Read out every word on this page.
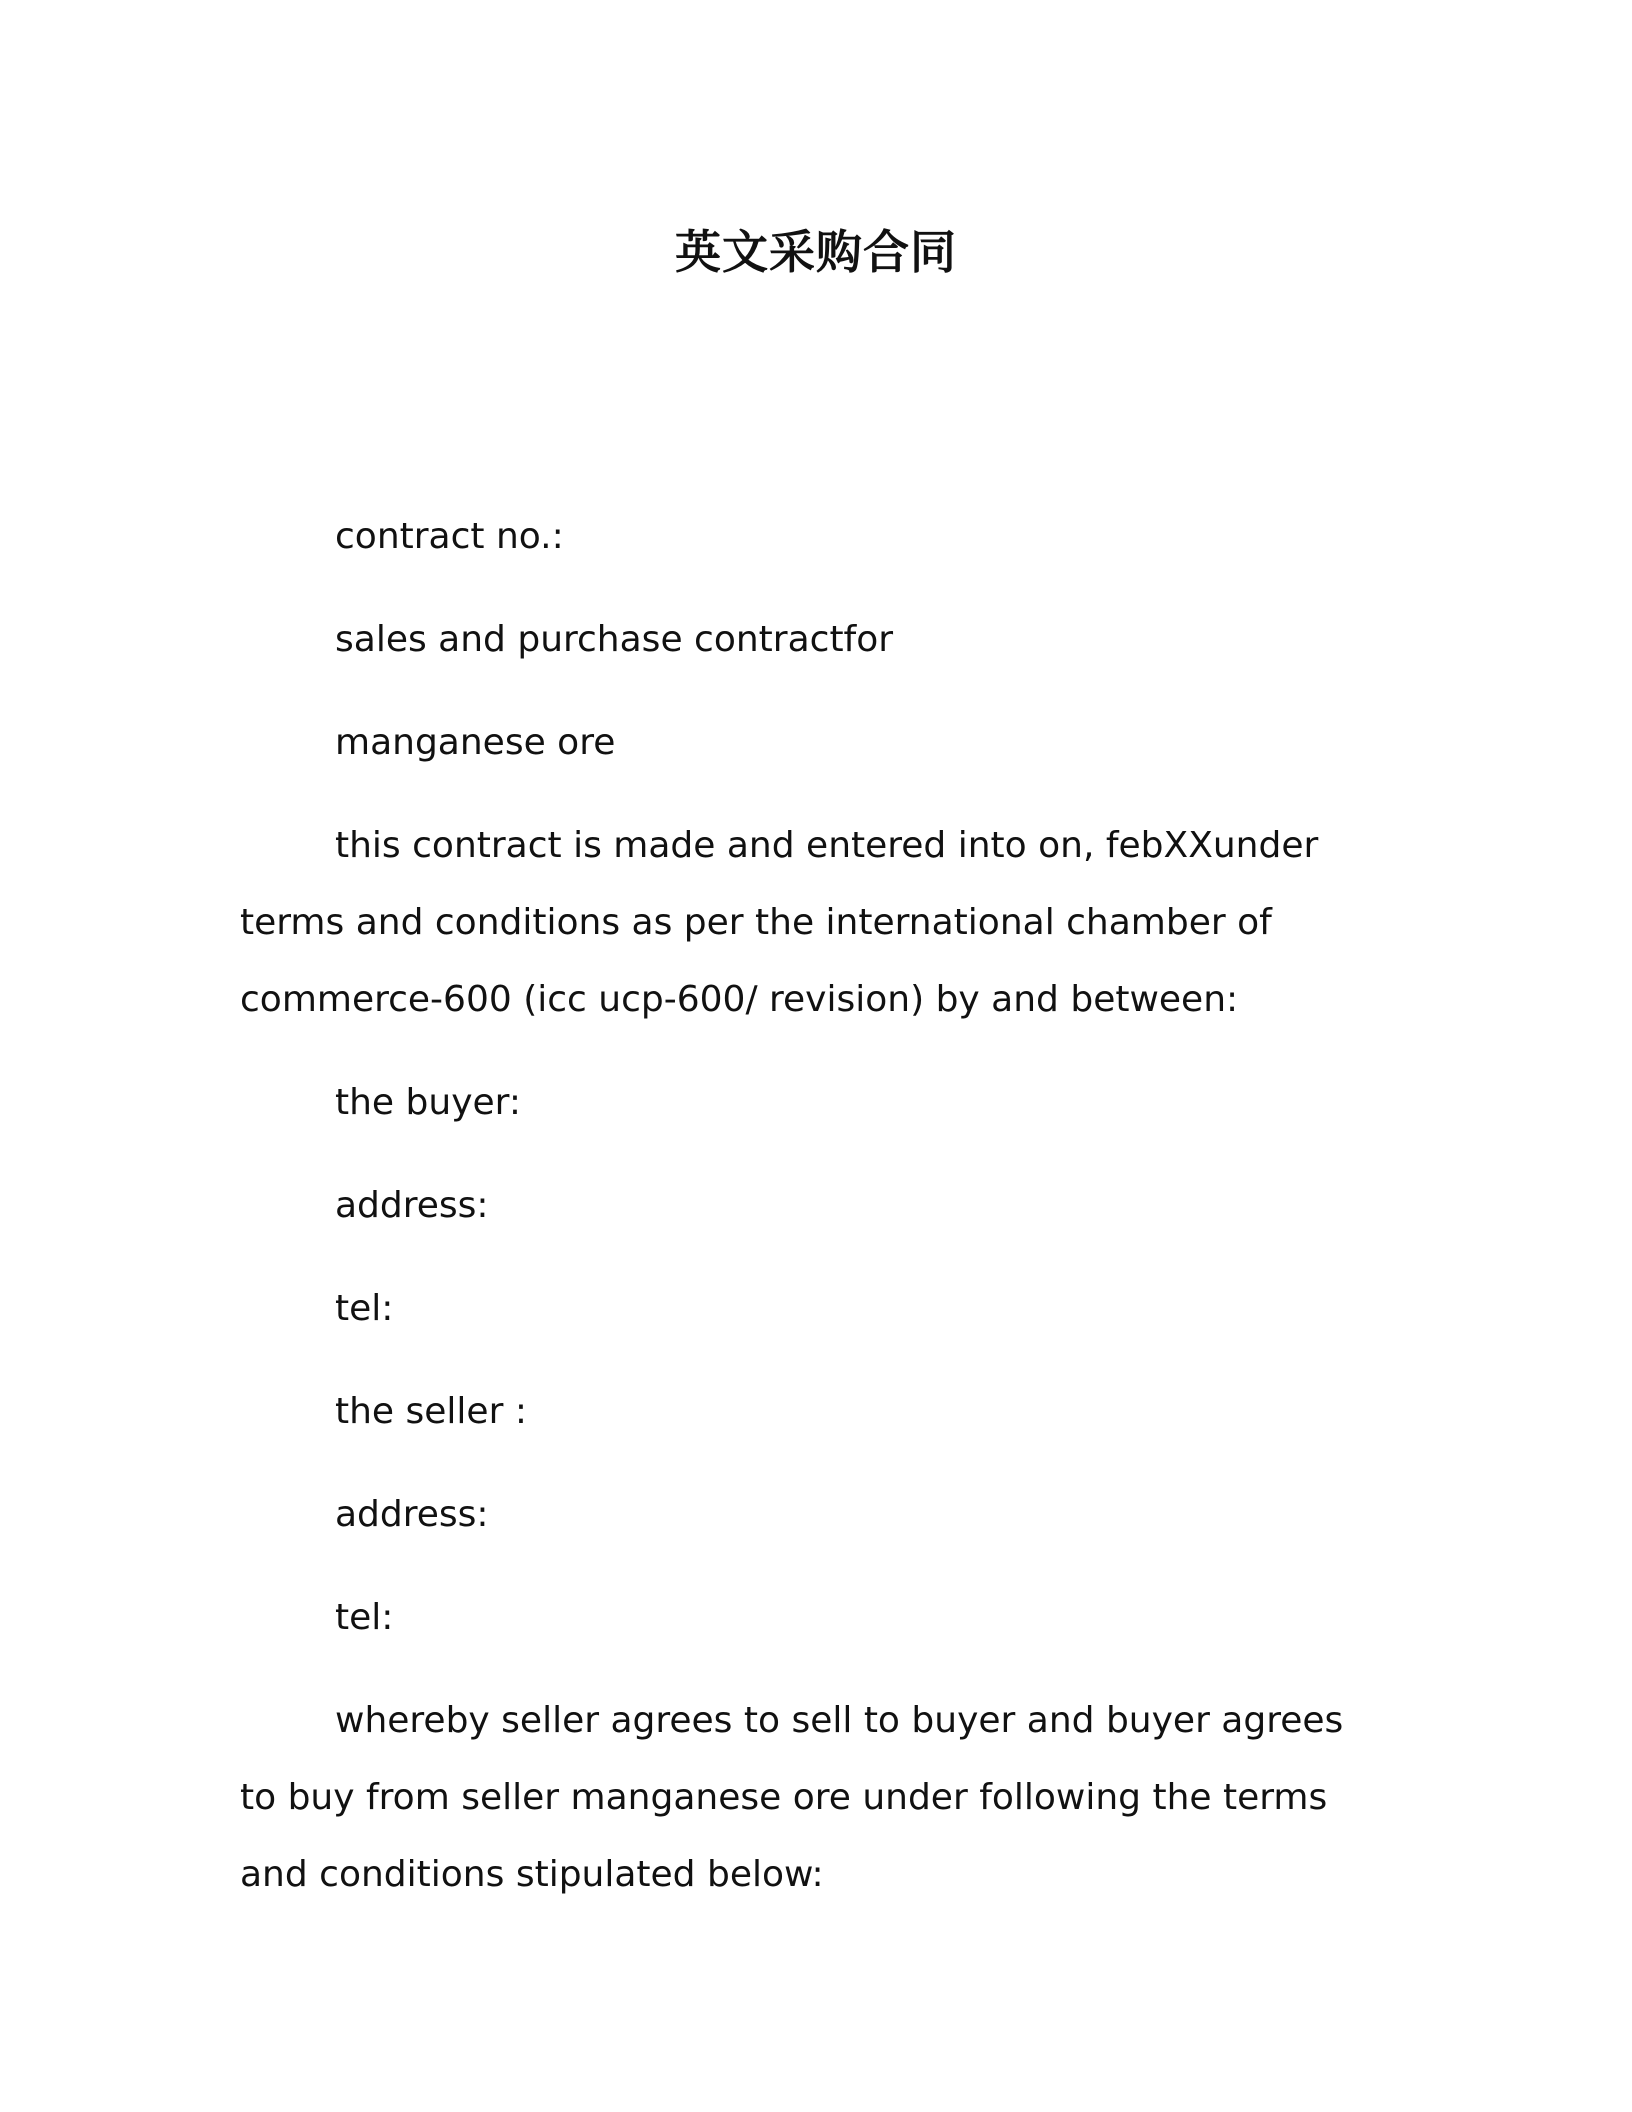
英文采购合同

contract no.:

sales and purchase contractfor

manganese ore

this contract is made and entered into on, febXXunder terms and conditions as per the international chamber of commerce-600 (icc ucp-600/ revision) by and between:

the buyer:

address:

tel:

the seller :

address:

tel:

whereby seller agrees to sell to buyer and buyer agrees to buy from seller manganese ore under following the terms and conditions stipulated below:
